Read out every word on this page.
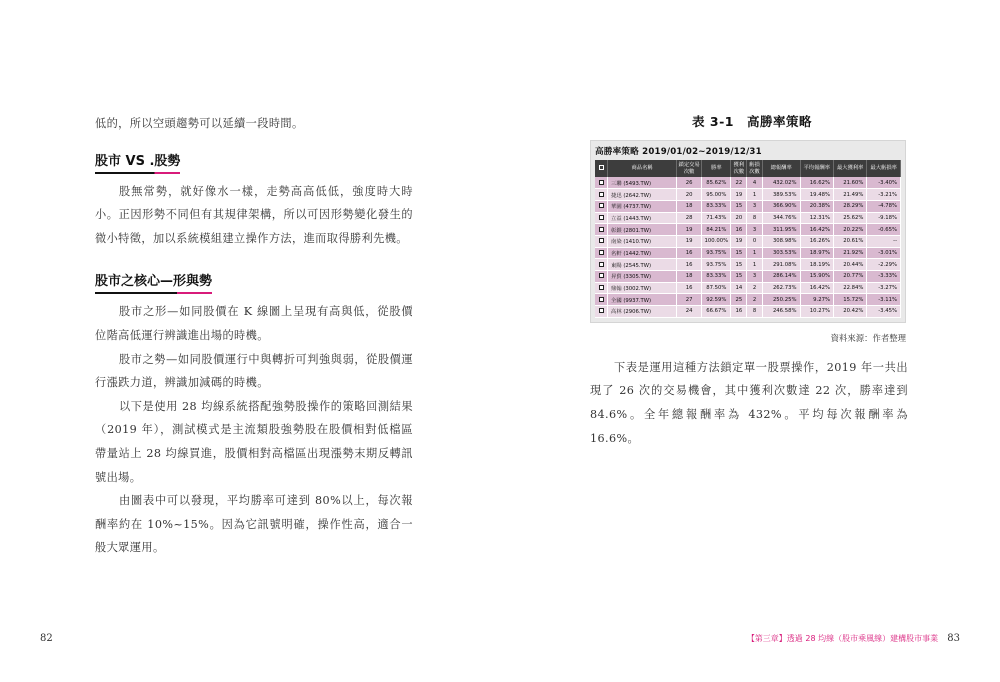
低的，所以空頭趨勢可以延續一段時間。

股市 VS .股勢

股無常勢，就好像水一樣，走勢高高低低，強度時大時小。正因形勢不同但有其規律架構，所以可因形勢變化發生的微小特徵，加以系統模組建立操作方法，進而取得勝利先機。

股市之核心—形與勢

股市之形—如同股價在 K 線圖上呈現有高與低，從股價位階高低運行辨識進出場的時機。

股市之勢—如同股價運行中與轉折可判強與弱，從股價運行漲跌力道，辨識加減碼的時機。

以下是使用 28 均線系統搭配強勢股操作的策略回測結果（2019 年），測試模式是主流類股強勢股在股價相對低檔區帶量站上 28 均線買進，股價相對高檔區出現漲勢末期反轉訊號出場。

由圖表中可以發現，平均勝率可達到 80%以上，每次報酬率約在 10%~15%。因為它訊號明確，操作性高，適合一般大眾運用。

表 3-1　高勝率策略
高勝率策略 2019/01/02~2019/12/31
	商品名稱	鎖定交易次數	勝率	獲利次數	虧損次數	總報酬率	平均報酬率	最大獲利率	最大虧損率
	三聯 (5493.TW)	26	85.62%	22	4	432.02%	16.62%	21.60%	-3.40%
	捷迅 (2642.TW)	20	95.00%	19	1	389.53%	19.48%	21.49%	-3.21%
	華園 (4737.TW)	18	83.33%	15	3	366.90%	20.38%	28.29%	-4.78%
	立益 (1443.TW)	28	71.43%	20	8	344.76%	12.31%	25.62%	-9.18%
	彰銀 (2801.TW)	19	84.21%	16	3	311.95%	16.42%	20.22%	-0.65%
	南染 (1410.TW)	19	100.00%	19	0	308.98%	16.26%	20.61%	--
	名軒 (1442.TW)	16	93.75%	15	1	303.53%	18.97%	21.92%	-3.01%
	東陽 (2545.TW)	16	93.75%	15	1	291.08%	18.19%	20.44%	-2.29%
	昇貿 (3305.TW)	18	83.33%	15	3	286.14%	15.90%	20.77%	-3.33%
	鼎翰 (3002.TW)	16	87.50%	14	2	262.73%	16.42%	22.84%	-3.27%
	全國 (9937.TW)	27	92.59%	25	2	250.25%	9.27%	15.72%	-3.11%
	高林 (2906.TW)	24	66.67%	16	8	246.58%	10.27%	20.42%	-3.45%
資料來源：作者整理

下表是運用這種方法鎖定單一股票操作，2019 年一共出現了 26 次的交易機會，其中獲利次數達 22 次，勝率達到 84.6%。全年總報酬率為 432%。平均每次報酬率為 16.6%。

82	【第三章】透過 28 均線（股市乘風線）建構股市事業 83
